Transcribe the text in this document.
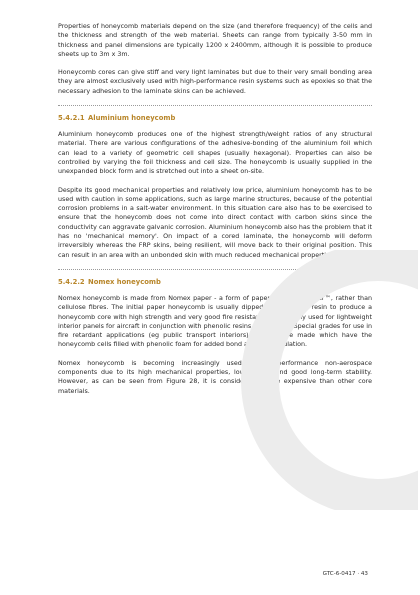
Properties of honeycomb materials depend on the size (and therefore frequency) of the cells and the thickness and strength of the web material. Sheets can range from typically 3-50 mm in thickness and panel dimensions are typically 1200 x 2400mm, although it is possible to produce sheets up to 3m x 3m.

Honeycomb cores can give stiff and very light laminates but due to their very small bonding area they are almost exclusively used with high-performance resin systems such as epoxies so that the necessary adhesion to the laminate skins can be achieved.

5.4.2.1 Aluminium honeycomb

Aluminium honeycomb produces one of the highest strength/weight ratios of any structural material. There are various configurations of the adhesive-bonding of the aluminium foil which can lead to a variety of geometric cell shapes (usually hexagonal). Properties can also be controlled by varying the foil thickness and cell size. The honeycomb is usually supplied in the unexpanded block form and is stretched out into a sheet on-site.

Despite its good mechanical properties and relatively low price, aluminium honeycomb has to be used with caution in some applications, such as large marine structures, because of the potential corrosion problems in a salt-water environment. In this situation care also has to be exercised to ensure that the honeycomb does not come into direct contact with carbon skins since the conductivity can aggravate galvanic corrosion. Aluminium honeycomb also has the problem that it has no 'mechanical memory'. On impact of a cored laminate, the honeycomb will deform irreversibly whereas the FRP skins, being resilient, will move back to their original position. This can result in an area with an unbonded skin with much reduced mechanical properties.

5.4.2.2 Nomex honeycomb

Nomex honeycomb is made from Nomex paper - a form of paper based on Kevlar™, rather than cellulose fibres. The initial paper honeycomb is usually dipped in a phenolic resin to produce a honeycomb core with high strength and very good fire resistance. It is widely used for lightweight interior panels for aircraft in conjunction with phenolic resins in the skins. Special grades for use in fire retardant applications (eg public transport interiors) can also be made which have the honeycomb cells filled with phenolic foam for added bond area and insulation.

Nomex honeycomb is becoming increasingly used in high-performance non-aerospace components due to its high mechanical properties, low density and good long-term stability. However, as can be seen from Figure 28, it is considerably more expensive than other core materials.

GTC-6-0417 · 43
